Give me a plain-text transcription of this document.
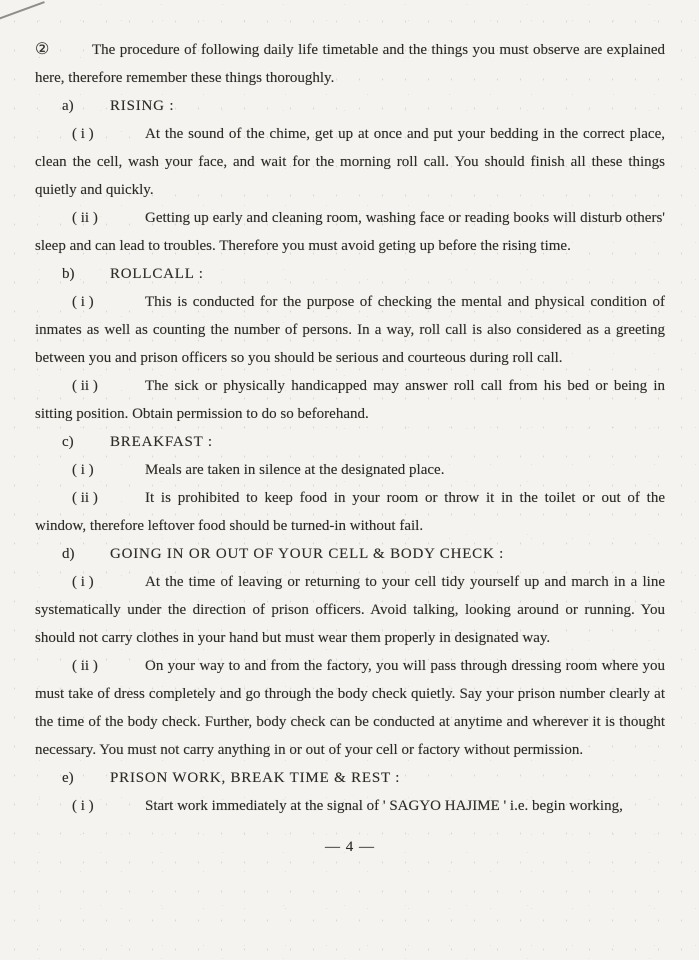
②	The procedure of following daily life timetable and the things you must observe are explained here, therefore remember these things thoroughly.

a) RISING :

( i )	At the sound of the chime, get up at once and put your bedding in the correct place, clean the cell, wash your face, and wait for the morning roll call. You should finish all these things quietly and quickly.

( ii )	Getting up early and cleaning room, washing face or reading books will disturb others' sleep and can lead to troubles. Therefore you must avoid geting up before the rising time.

b) ROLLCALL :

( i )	This is conducted for the purpose of checking the mental and physical condition of inmates as well as counting the number of persons. In a way, roll call is also considered as a greeting between you and prison officers so you should be serious and courteous during roll call.

( ii )	The sick or physically handicapped may answer roll call from his bed or being in sitting position. Obtain permission to do so beforehand.

c) BREAKFAST :

( i )	Meals are taken in silence at the designated place.

( ii )	It is prohibited to keep food in your room or throw it in the toilet or out of the window, therefore leftover food should be turned-in without fail.

d) GOING IN OR OUT OF YOUR CELL & BODY CHECK :

( i )	At the time of leaving or returning to your cell tidy yourself up and march in a line systematically under the direction of prison officers. Avoid talking, looking around or running. You should not carry clothes in your hand but must wear them properly in designated way.

( ii )	On your way to and from the factory, you will pass through dressing room where you must take of dress completely and go through the body check quietly. Say your prison number clearly at the time of the body check. Further, body check can be conducted at anytime and wherever it is thought necessary. You must not carry anything in or out of your cell or factory without permission.

e) PRISON WORK, BREAK TIME & REST :

( i )	Start work immediately at the signal of ' SAGYO HAJIME ' i.e. begin working,

— 4 —
